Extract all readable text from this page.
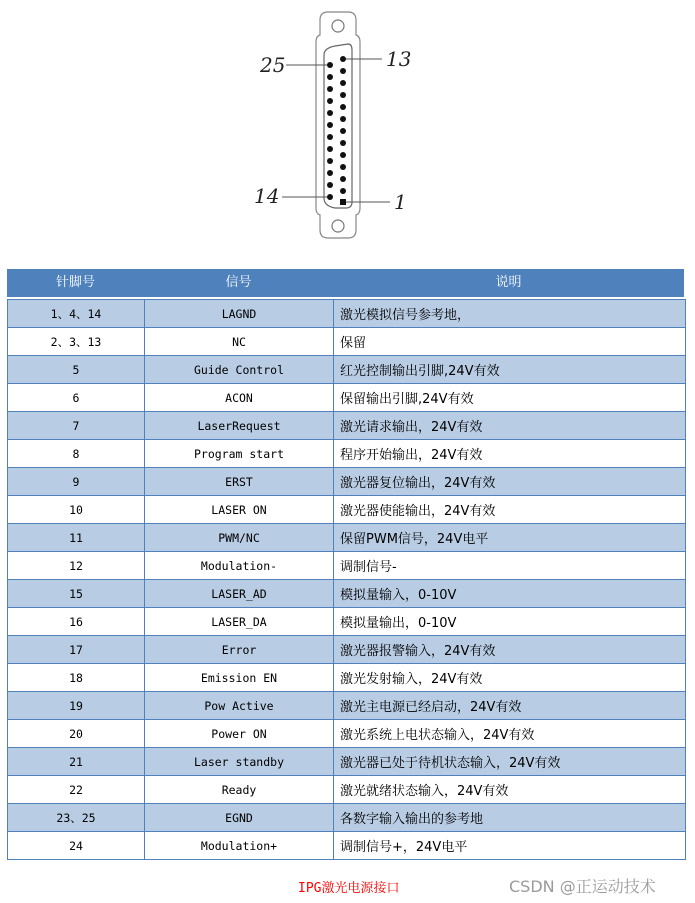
25	13
14	1
针脚号	信号	说明
1、4、14	LAGND	激光模拟信号参考地，
2、3、13	NC	保留
5	Guide Control	红光控制输出引脚,24V有效
6	ACON	保留输出引脚,24V有效
7	LaserRequest	激光请求输出，24V有效
8	Program start	程序开始输出，24V有效
9	ERST	激光器复位输出，24V有效
10	LASER ON	激光器使能输出，24V有效
11	PWM/NC	保留PWM信号，24V电平
12	Modulation-	调制信号-
15	LASER_AD	模拟量输入，0-10V
16	LASER_DA	模拟量输出，0-10V
17	Error	激光器报警输入，24V有效
18	Emission EN	激光发射输入，24V有效
19	Pow Active	激光主电源已经启动，24V有效
20	Power ON	激光系统上电状态输入，24V有效
21	Laser standby	激光器已处于待机状态输入，24V有效
22	Ready	激光就绪状态输入，24V有效
23、25	EGND	各数字输入输出的参考地
24	Modulation+	调制信号+，24V电平
IPG激光电源接口	CSDN @正运动技术
